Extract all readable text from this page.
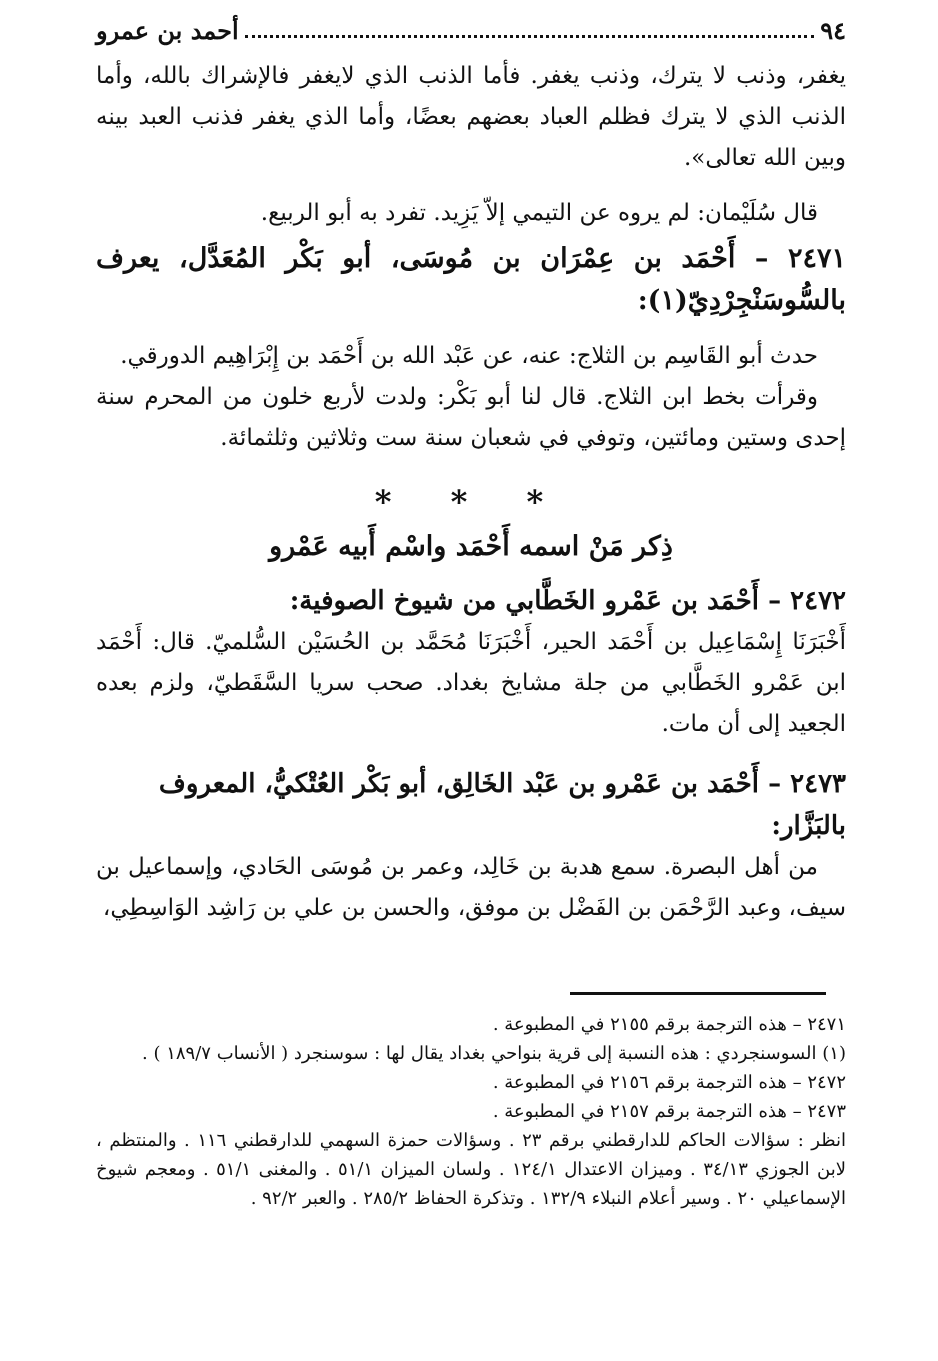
٩٤
أحمد بن عمرو

يغفر، وذنب لا يترك، وذنب يغفر. فأما الذنب الذي لايغفر فالإشراك بالله، وأما الذنب الذي لا يترك فظلم العباد بعضهم بعضًا، وأما الذي يغفر فذنب العبد بينه وبين الله تعالى».

قال سُلَيْمان: لم يروه عن التيمي إلاّ يَزِيد. تفرد به أبو الربيع.

٢٤٧١ – أَحْمَد بن عِمْرَان بن مُوسَى، أبو بَكْر المُعَدَّل، يعرف بالسُّوسَنْجِرْدِيّ(١):

حدث أبو القَاسِم بن الثلاج: عنه، عن عَبْد الله بن أَحْمَد بن إِبْرَاهِيم الدورقي.

وقرأت بخط ابن الثلاج. قال لنا أبو بَكْر: ولدت لأربع خلون من المحرم سنة إحدى وستين ومائتين، وتوفي في شعبان سنة ست وثلاثين وثلثمائة.

* * *
ذِكر مَنْ اسمه أَحْمَد واسْم أَبيه عَمْرو
٢٤٧٢ – أَحْمَد بن عَمْرو الخَطَّابي من شيوخ الصوفية:

أَخْبَرَنَا إِسْمَاعِيل بن أَحْمَد الحير، أَخْبَرَنَا مُحَمَّد بن الحُسَيْن السُّلميّ. قال: أَحْمَد ابن عَمْرو الخَطَّابي من جلة مشايخ بغداد. صحب سريا السَّقَطيّ، ولزم بعده الجعيد إلى أن مات.

٢٤٧٣ – أَحْمَد بن عَمْرو بن عَبْد الخَالِق، أبو بَكْر العُتْكيُّ، المعروف بالبَزَّار:

من أهل البصرة. سمع هدبة بن خَالِد، وعمر بن مُوسَى الحَادي، وإسماعيل بن سيف، وعبد الرَّحْمَن بن الفَضْل بن موفق، والحسن بن علي بن رَاشِد الوَاسِطِي،

٢٤٧١ – هذه الترجمة برقم ٢١٥٥ في المطبوعة .

(١) السوسنجردي : هذه النسبة إلى قرية بنواحي بغداد يقال لها : سوسنجرد ( الأنساب ١٨٩/٧ ) .

٢٤٧٢ – هذه الترجمة برقم ٢١٥٦ في المطبوعة .

٢٤٧٣ – هذه الترجمة برقم ٢١٥٧ في المطبوعة .

انظر : سؤالات الحاكم للدارقطني برقم ٢٣ . وسؤالات حمزة السهمي للدارقطني ١١٦ . والمنتظم ، لابن الجوزي ٣٤/١٣ . وميزان الاعتدال ١٢٤/١ . ولسان الميزان ٥١/١ . والمغنى ٥١/١ . ومعجم شيوخ الإسماعيلي ٢٠ . وسير أعلام النبلاء ١٣٢/٩ . وتذكرة الحفاظ ٢٨٥/٢ . والعبر ٩٢/٢ .
